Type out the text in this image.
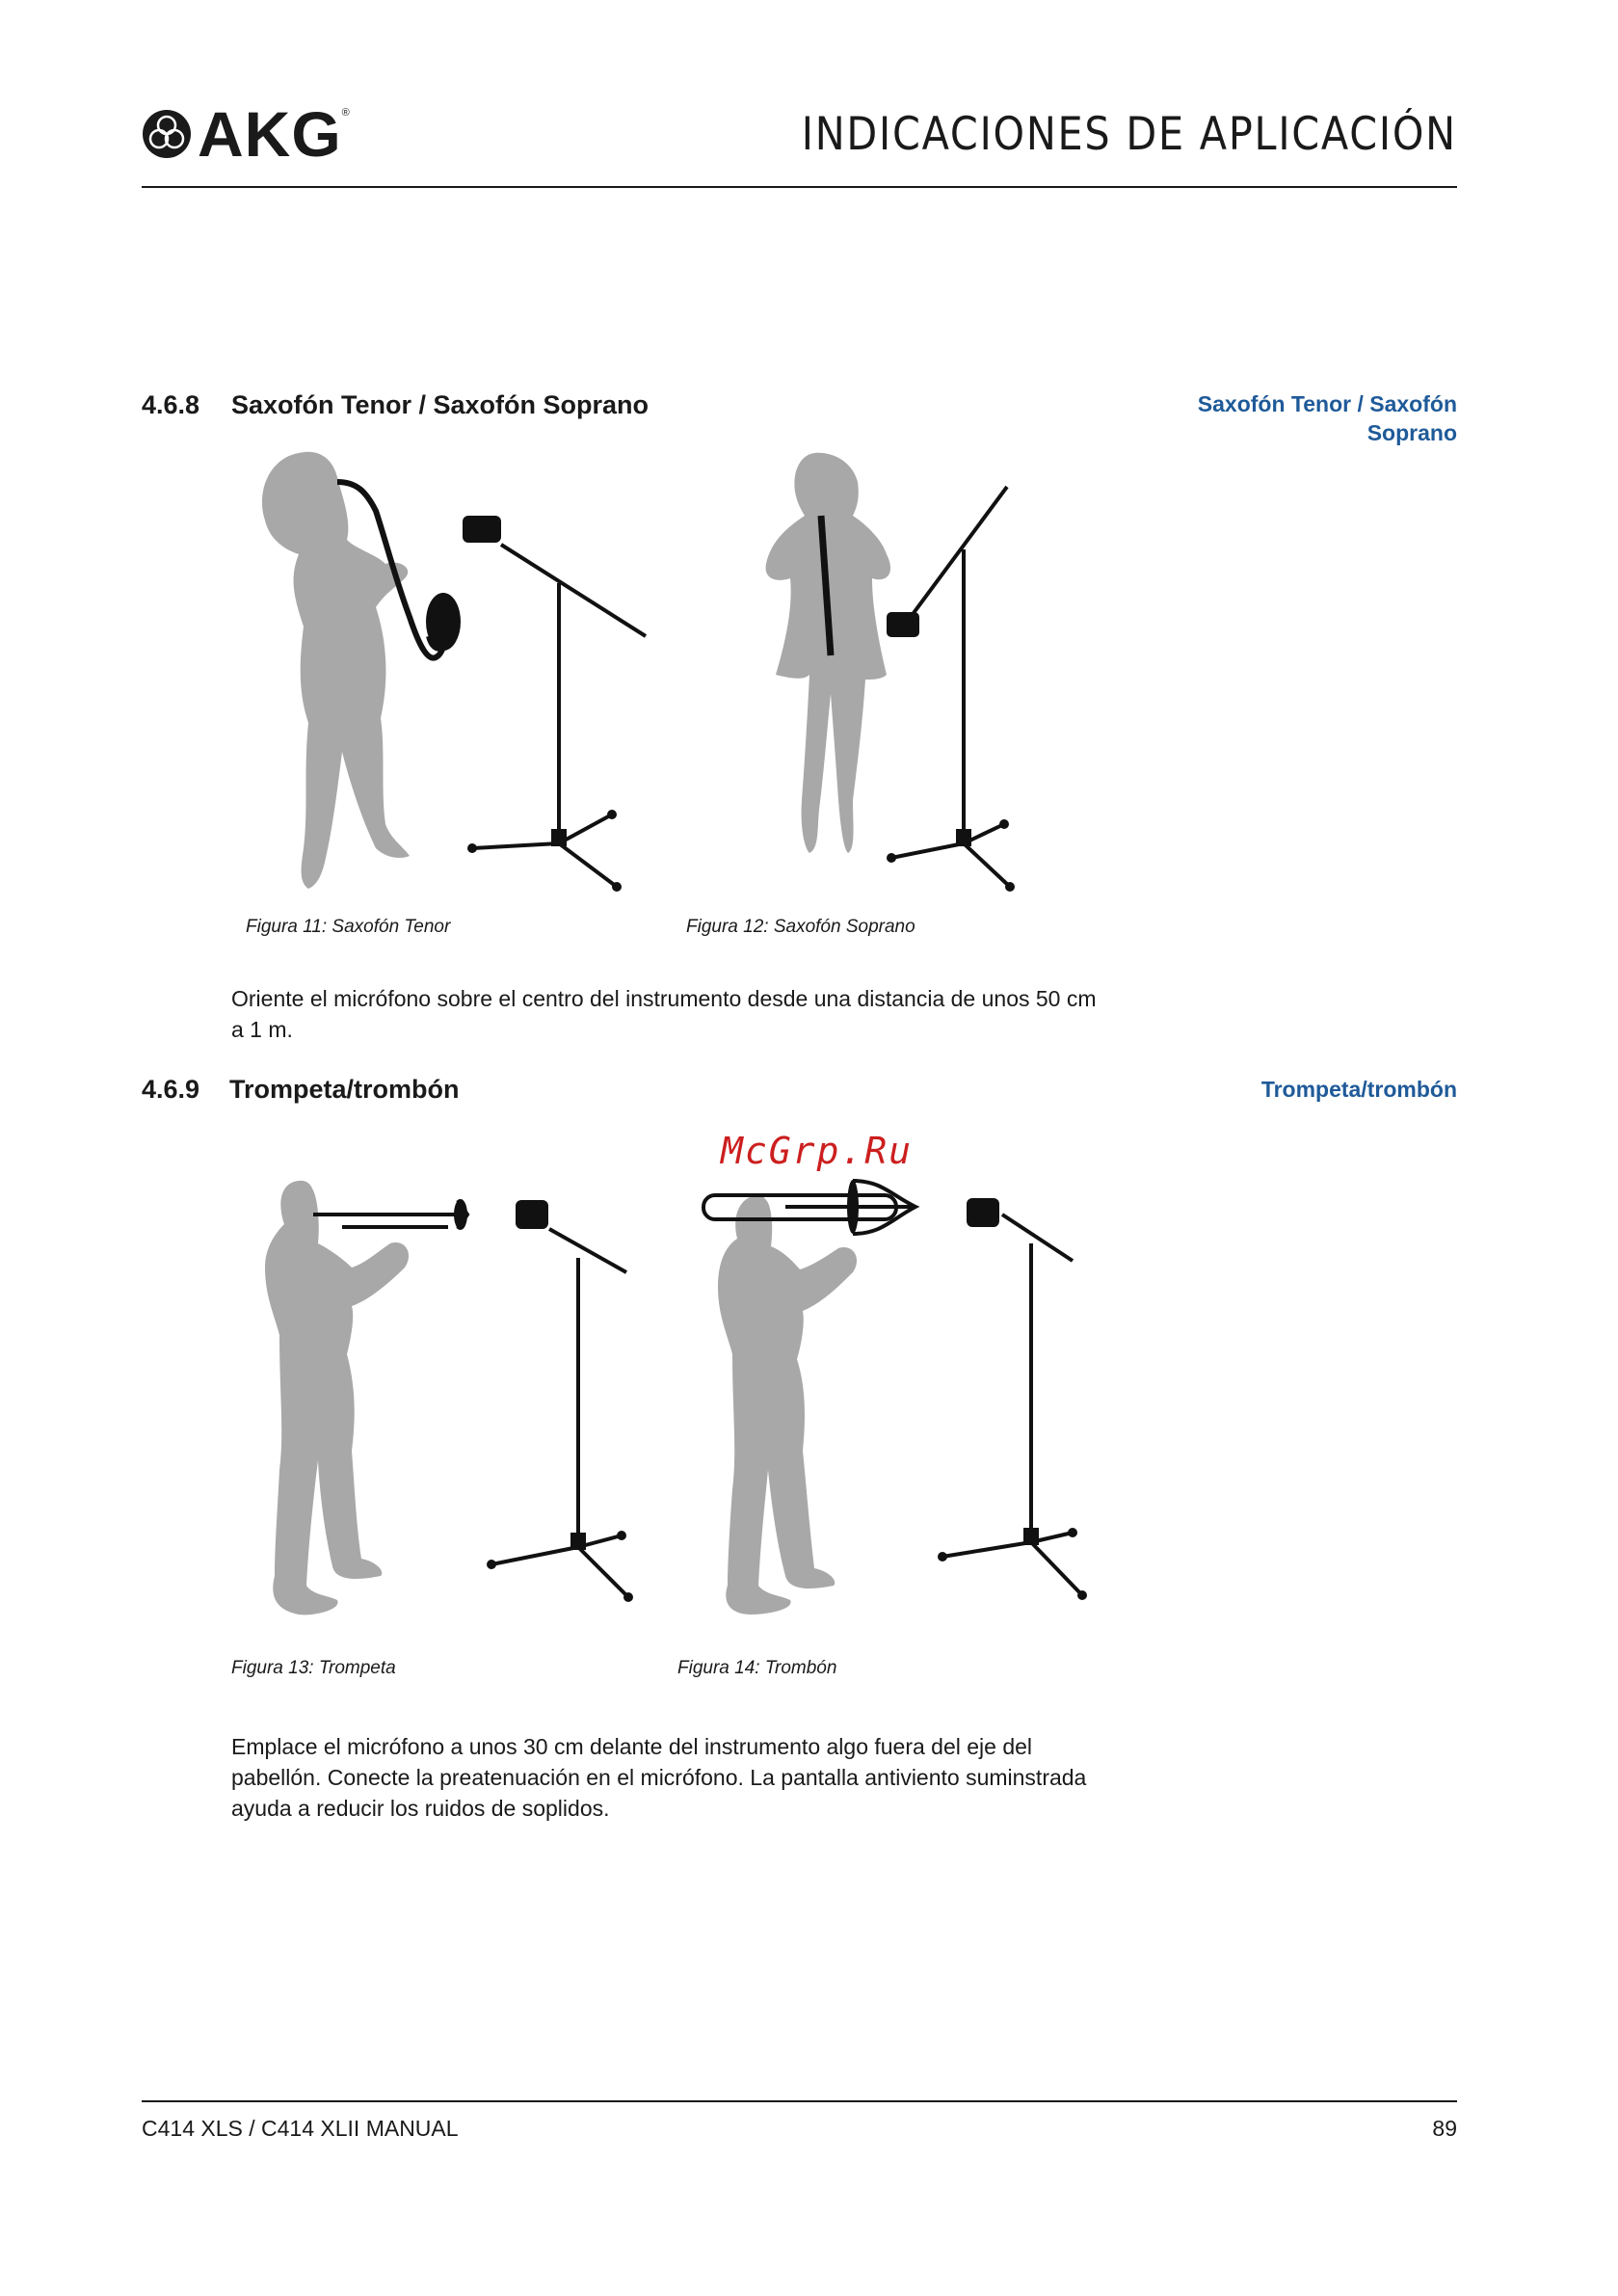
AKG ®	INDICACIONES DE APLICACIÓN
4.6.8 Saxofón Tenor / Saxofón Soprano	Saxofón Tenor / Saxofón
Soprano
Figura 11: Saxofón Tenor	Figura 12: Saxofón Soprano
Oriente el micrófono sobre el centro del instrumento desde una distancia de unos 50 cm
a 1 m.
4.6.9 Trompeta/trombón	Trompeta/trombón
McGrp.Ru
Figura 13: Trompeta	Figura 14: Trombón
Emplace el micrófono a unos 30 cm delante del instrumento algo fuera del eje del
pabellón. Conecte la preatenuación en el micrófono. La pantalla antiviento suminstrada
ayuda a reducir los ruidos de soplidos.
C414 XLS / C414 XLII MANUAL	89
